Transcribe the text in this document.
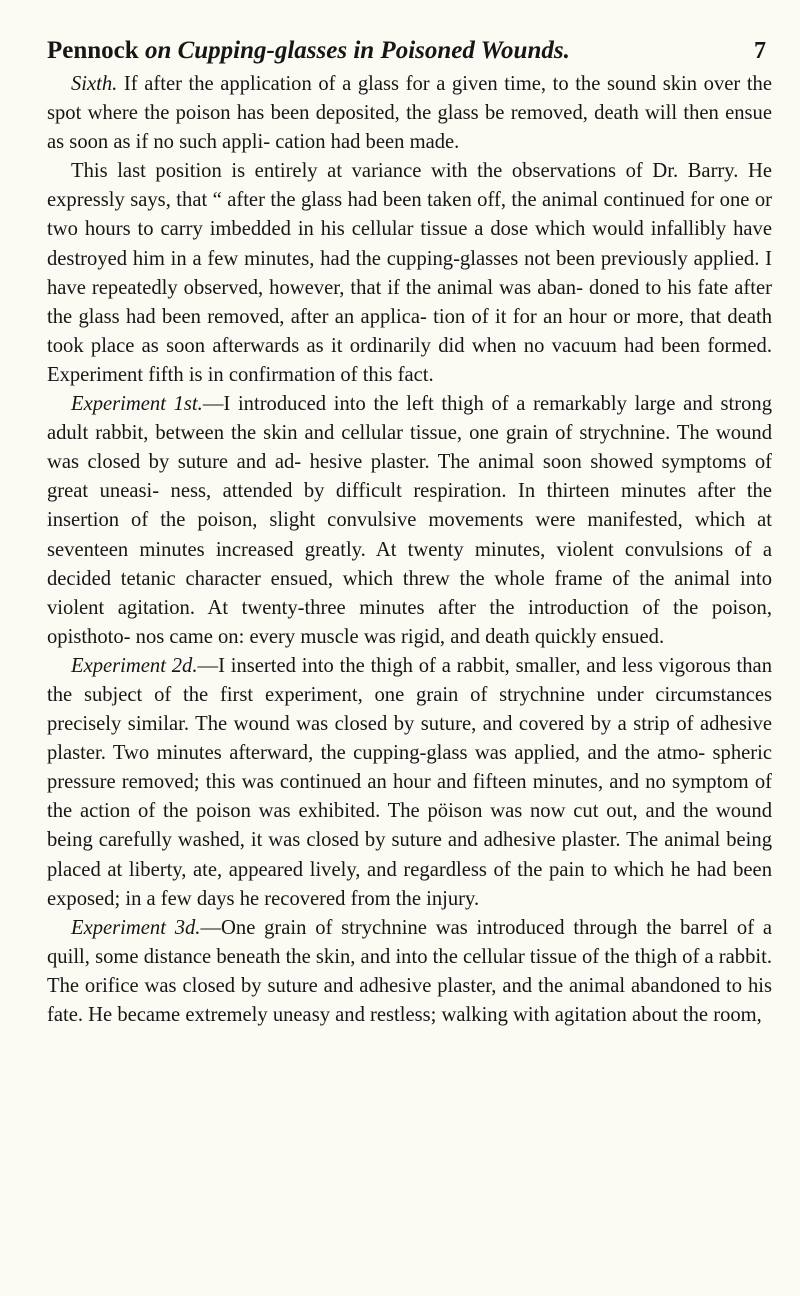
Pennock on Cupping-glasses in Poisoned Wounds.	7

Sixth. If after the application of a glass for a given time, to the sound skin over the spot where the poison has been deposited, the glass be removed, death will then ensue as soon as if no such appli- cation had been made.

This last position is entirely at variance with the observations of Dr. Barry. He expressly says, that “ after the glass had been taken off, the animal continued for one or two hours to carry imbedded in his cellular tissue a dose which would infallibly have destroyed him in a few minutes, had the cupping-glasses not been previously applied. I have repeatedly observed, however, that if the animal was aban- doned to his fate after the glass had been removed, after an applica- tion of it for an hour or more, that death took place as soon afterwards as it ordinarily did when no vacuum had been formed. Experiment fifth is in confirmation of this fact.

Experiment 1st.—I introduced into the left thigh of a remarkably large and strong adult rabbit, between the skin and cellular tissue, one grain of strychnine. The wound was closed by suture and ad- hesive plaster. The animal soon showed symptoms of great uneasi- ness, attended by difficult respiration. In thirteen minutes after the insertion of the poison, slight convulsive movements were manifested, which at seventeen minutes increased greatly. At twenty minutes, violent convulsions of a decided tetanic character ensued, which threw the whole frame of the animal into violent agitation. At twenty-three minutes after the introduction of the poison, opisthoto- nos came on: every muscle was rigid, and death quickly ensued.

Experiment 2d.—I inserted into the thigh of a rabbit, smaller, and less vigorous than the subject of the first experiment, one grain of strychnine under circumstances precisely similar. The wound was closed by suture, and covered by a strip of adhesive plaster. Two minutes afterward, the cupping-glass was applied, and the atmo- spheric pressure removed; this was continued an hour and fifteen minutes, and no symptom of the action of the poison was exhibited. The pöison was now cut out, and the wound being carefully washed, it was closed by suture and adhesive plaster. The animal being placed at liberty, ate, appeared lively, and regardless of the pain to which he had been exposed; in a few days he recovered from the injury.

Experiment 3d.—One grain of strychnine was introduced through the barrel of a quill, some distance beneath the skin, and into the cellular tissue of the thigh of a rabbit. The orifice was closed by suture and adhesive plaster, and the animal abandoned to his fate. He became extremely uneasy and restless; walking with agitation about the room,
